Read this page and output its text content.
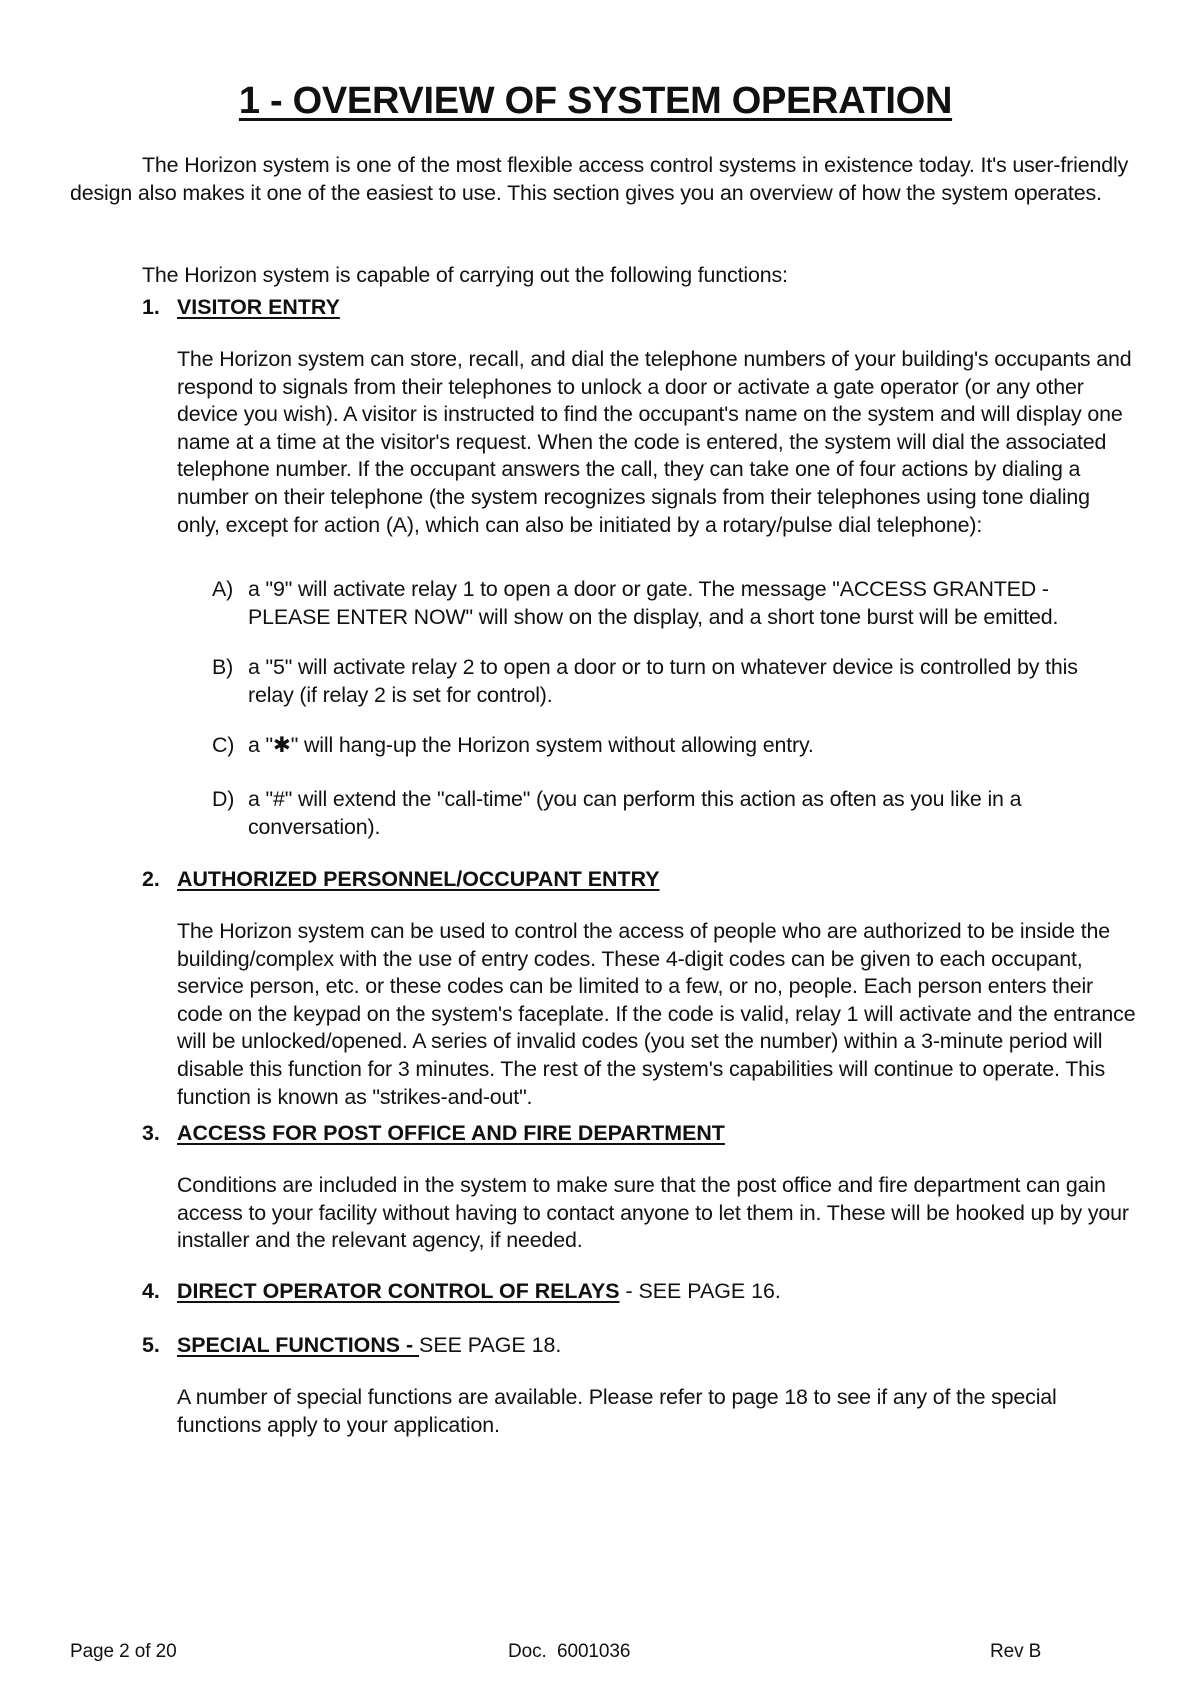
1 - OVERVIEW OF SYSTEM OPERATION

The Horizon system is one of the most flexible access control systems in existence today. It's user-friendly design also makes it one of the easiest to use. This section gives you an overview of how the system operates.

The Horizon system is capable of carrying out the following functions:

1. VISITOR ENTRY

The Horizon system can store, recall, and dial the telephone numbers of your building's occupants and respond to signals from their telephones to unlock a door or activate a gate operator (or any other device you wish). A visitor is instructed to find the occupant's name on the system and will display one name at a time at the visitor's request. When the code is entered, the system will dial the associated telephone number. If the occupant answers the call, they can take one of four actions by dialing a number on their telephone (the system recognizes signals from their telephones using tone dialing only, except for action (A), which can also be initiated by a rotary/pulse dial telephone):

A) a "9" will activate relay 1 to open a door or gate. The message "ACCESS GRANTED - PLEASE ENTER NOW" will show on the display, and a short tone burst will be emitted.
B) a "5" will activate relay 2 to open a door or to turn on whatever device is controlled by this relay (if relay 2 is set for control).
C) a "✱" will hang-up the Horizon system without allowing entry.
D) a "#" will extend the "call-time" (you can perform this action as often as you like in a conversation).

2. AUTHORIZED PERSONNEL/OCCUPANT ENTRY

The Horizon system can be used to control the access of people who are authorized to be inside the building/complex with the use of entry codes. These 4-digit codes can be given to each occupant, service person, etc. or these codes can be limited to a few, or no, people. Each person enters their code on the keypad on the system's faceplate. If the code is valid, relay 1 will activate and the entrance will be unlocked/opened. A series of invalid codes (you set the number) within a 3-minute period will disable this function for 3 minutes. The rest of the system's capabilities will continue to operate. This function is known as "strikes-and-out".

3. ACCESS FOR POST OFFICE AND FIRE DEPARTMENT

Conditions are included in the system to make sure that the post office and fire department can gain access to your facility without having to contact anyone to let them in. These will be hooked up by your installer and the relevant agency, if needed.

4. DIRECT OPERATOR CONTROL OF RELAYS - SEE PAGE 16.

5. SPECIAL FUNCTIONS - SEE PAGE 18.

A number of special functions are available. Please refer to page 18 to see if any of the special functions apply to your application.

Page 2 of 20	Doc.  6001036	Rev B
